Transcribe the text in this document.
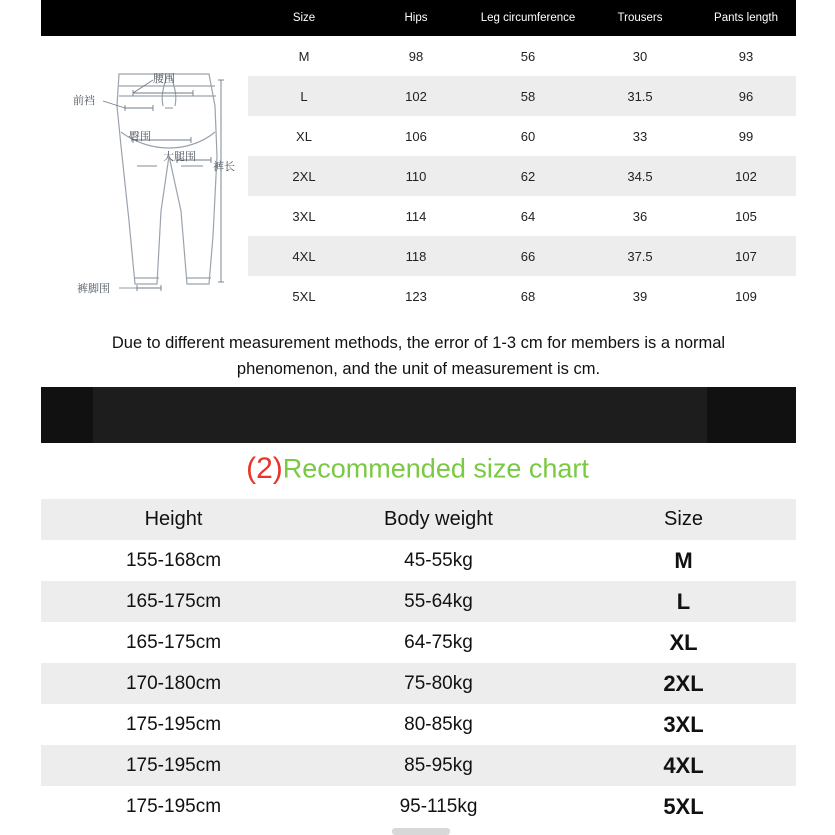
腰围
前裆
臀围
大腿围
裤长
裤脚围
Size	Hips	Leg circumference	Trousers	Pants length
M	98	56	30	93
L	102	58	31.5	96
XL	106	60	33	99
2XL	110	62	34.5	102
3XL	114	64	36	105
4XL	118	66	37.5	107
5XL	123	68	39	109
Due to different measurement methods, the error of 1-3 cm for members is a normal phenomenon, and the unit of measurement is cm.
(2)Recommended size chart
Height	Body weight	Size
155-168cm	45-55kg	M
165-175cm	55-64kg	L
165-175cm	64-75kg	XL
170-180cm	75-80kg	2XL
175-195cm	80-85kg	3XL
175-195cm	85-95kg	4XL
175-195cm	95-115kg	5XL
